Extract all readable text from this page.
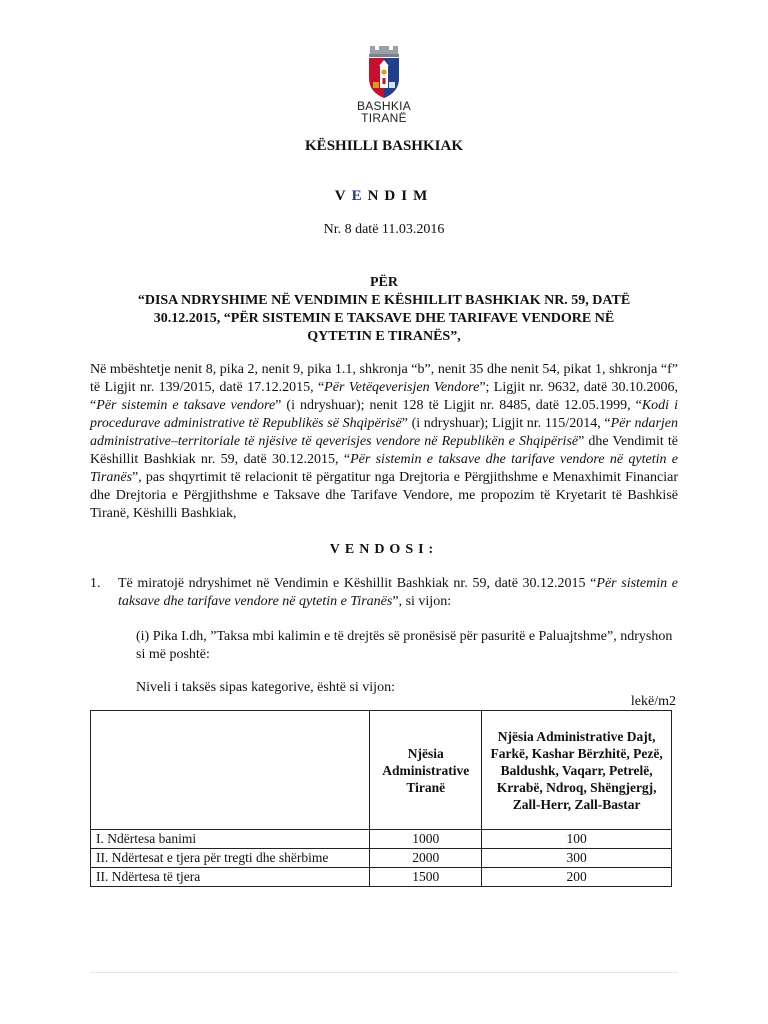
BASHKIA
TIRANË
KËSHILLI BASHKIAK
VENDIM
Nr. 8 datë 11.03.2016
PËR
“DISA NDRYSHIME NË VENDIMIN E KËSHILLIT BASHKIAK NR. 59, DATË
30.12.2015, “PËR SISTEMIN E TAKSAVE DHE TARIFAVE VENDORE NË
QYTETIN E TIRANËS”,
Në mbështetje nenit 8, pika 2, nenit 9, pika 1.1, shkronja “b”, nenit 35 dhe nenit 54, pikat 1, shkronja “f” të Ligjit nr. 139/2015, datë 17.12.2015, “Për Vetëqeverisjen Vendore”; Ligjit nr. 9632, datë 30.10.2006, “Për sistemin e taksave vendore” (i ndryshuar); nenit 128 të Ligjit nr. 8485, datë 12.05.1999, “Kodi i procedurave administrative të Republikës së Shqipërisë” (i ndryshuar); Ligjit nr. 115/2014, “Për ndarjen administrative–territoriale të njësive të qeverisjes vendore në Republikën e Shqipërisë” dhe Vendimit të Këshillit Bashkiak nr. 59, datë 30.12.2015, “Për sistemin e taksave dhe tarifave vendore në qytetin e Tiranës”, pas shqyrtimit të relacionit të përgatitur nga Drejtoria e Përgjithshme e Menaxhimit Financiar dhe Drejtoria e Përgjithshme e Taksave dhe Tarifave Vendore, me propozim të Kryetarit të Bashkisë Tiranë, Këshilli Bashkiak,
VENDOSI:
1. Të miratojë ndryshimet në Vendimin e Këshillit Bashkiak nr. 59, datë 30.12.2015 “Për sistemin e taksave dhe tarifave vendore në qytetin e Tiranës”, si vijon:
(i) Pika I.dh, ”Taksa mbi kalimin e të drejtës së pronësisë për pasuritë e Paluajtshme”, ndryshon si më poshtë:
Niveli i taksës sipas kategorive, është si vijon:
lekë/m2
	Njësia Administrative Tiranë	Njësia Administrative Dajt, Farkë, Kashar Bërzhitë, Pezë, Baldushk, Vaqarr, Petrelë, Krrabë, Ndroq, Shëngjergj, Zall-Herr, Zall-Bastar
I. Ndërtesa banimi	1000	100
II. Ndërtesat e tjera për tregti dhe shërbime	2000	300
II. Ndërtesa të tjera	1500	200
